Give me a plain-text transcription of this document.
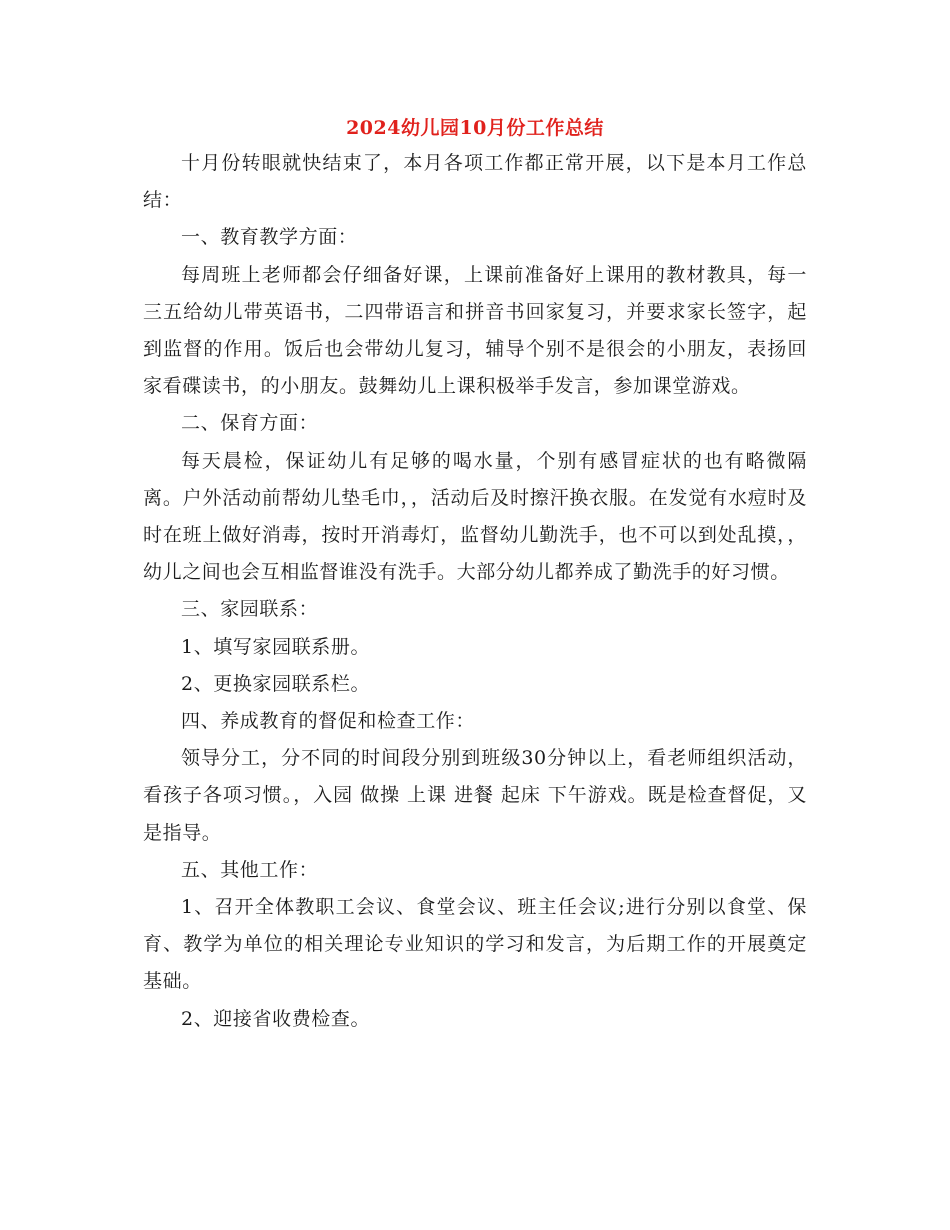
2024幼儿园10月份工作总结

十月份转眼就快结束了，本月各项工作都正常开展，以下是本月工作总结：

一、教育教学方面：

每周班上老师都会仔细备好课，上课前准备好上课用的教材教具，每一三五给幼儿带英语书，二四带语言和拼音书回家复习，并要求家长签字，起到监督的作用。饭后也会带幼儿复习，辅导个别不是很会的小朋友，表扬回家看碟读书，的小朋友。鼓舞幼儿上课积极举手发言，参加课堂游戏。

二、保育方面：

每天晨检，保证幼儿有足够的喝水量，个别有感冒症状的也有略微隔离。户外活动前帮幼儿垫毛巾，，活动后及时擦汗换衣服。在发觉有水痘时及时在班上做好消毒，按时开消毒灯，监督幼儿勤洗手，也不可以到处乱摸，，幼儿之间也会互相监督谁没有洗手。大部分幼儿都养成了勤洗手的好习惯。

三、家园联系：

1、填写家园联系册。

2、更换家园联系栏。

四、养成教育的督促和检查工作：

领导分工，分不同的时间段分别到班级30分钟以上，看老师组织活动，看孩子各项习惯。，入园 做操 上课 进餐 起床 下午游戏。既是检查督促，又是指导。

五、其他工作：

1、召开全体教职工会议、食堂会议、班主任会议;进行分别以食堂、保育、教学为单位的相关理论专业知识的学习和发言，为后期工作的开展奠定基础。

2、迎接省收费检查。
